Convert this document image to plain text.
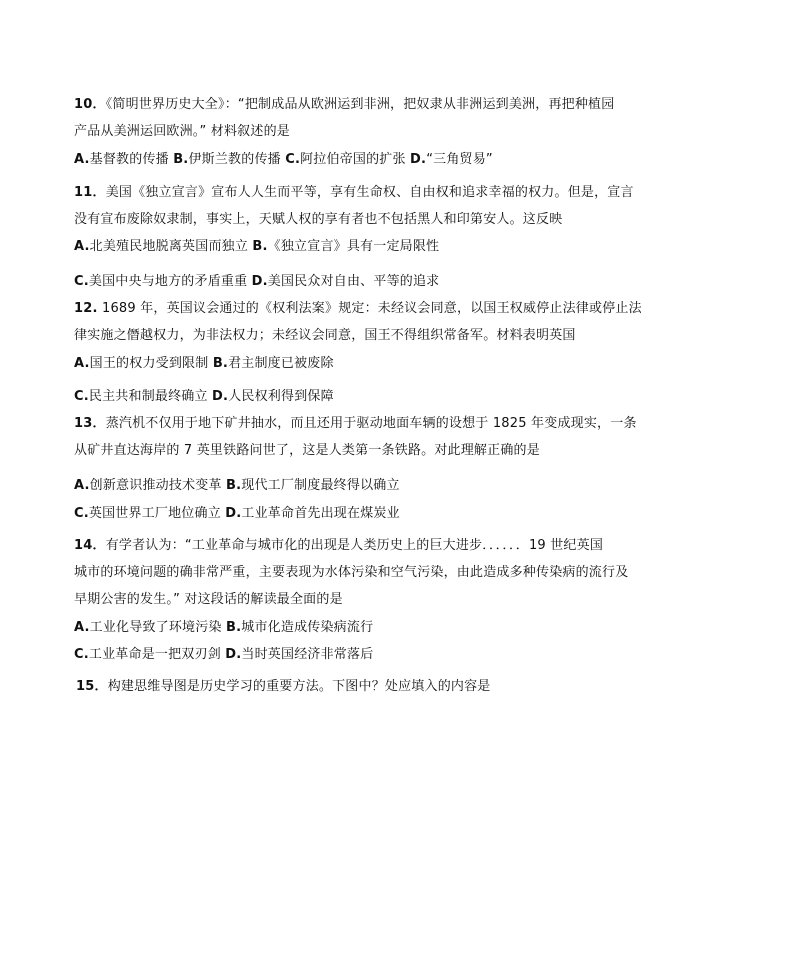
10．《简明世界历史大全》：“把制成品从欧洲运到非洲，把奴隶从非洲运到美洲，再把种植园
产品从美洲运回欧洲。” 材料叙述的是
A.基督教的传播 B.伊斯兰教的传播 C.阿拉伯帝国的扩张 D.“三角贸易”
11．美国《独立宣言》宣布人人生而平等，享有生命权、自由权和追求幸福的权力。但是，宣言
没有宣布废除奴隶制，事实上，天赋人权的享有者也不包括黑人和印第安人。这反映
A.北美殖民地脱离英国而独立 B.《独立宣言》具有一定局限性
C.美国中央与地方的矛盾重重 D.美国民众对自由、平等的追求
12. 1689 年，英国议会通过的《权利法案》规定：未经议会同意，以国王权威停止法律或停止法
律实施之僭越权力，为非法权力；未经议会同意，国王不得组织常备军。材料表明英国
A.国王的权力受到限制 B.君主制度已被废除
C.民主共和制最终确立 D.人民权利得到保障
13．蒸汽机不仅用于地下矿井抽水，而且还用于驱动地面车辆的设想于 1825 年变成现实，一条
从矿井直达海岸的 7 英里铁路问世了，这是人类第一条铁路。对此理解正确的是
A.创新意识推动技术变革 B.现代工厂制度最终得以确立
C.英国世界工厂地位确立 D.工业革命首先出现在煤炭业
14．有学者认为：“工业革命与城市化的出现是人类历史上的巨大进步．．．．．．19 世纪英国
城市的环境问题的确非常严重，主要表现为水体污染和空气污染，由此造成多种传染病的流行及
早期公害的发生。” 对这段话的解读最全面的是
A.工业化导致了环境污染 B.城市化造成传染病流行
C.工业革命是一把双刃剑 D.当时英国经济非常落后
15．构建思维导图是历史学习的重要方法。下图中？处应填入的内容是
